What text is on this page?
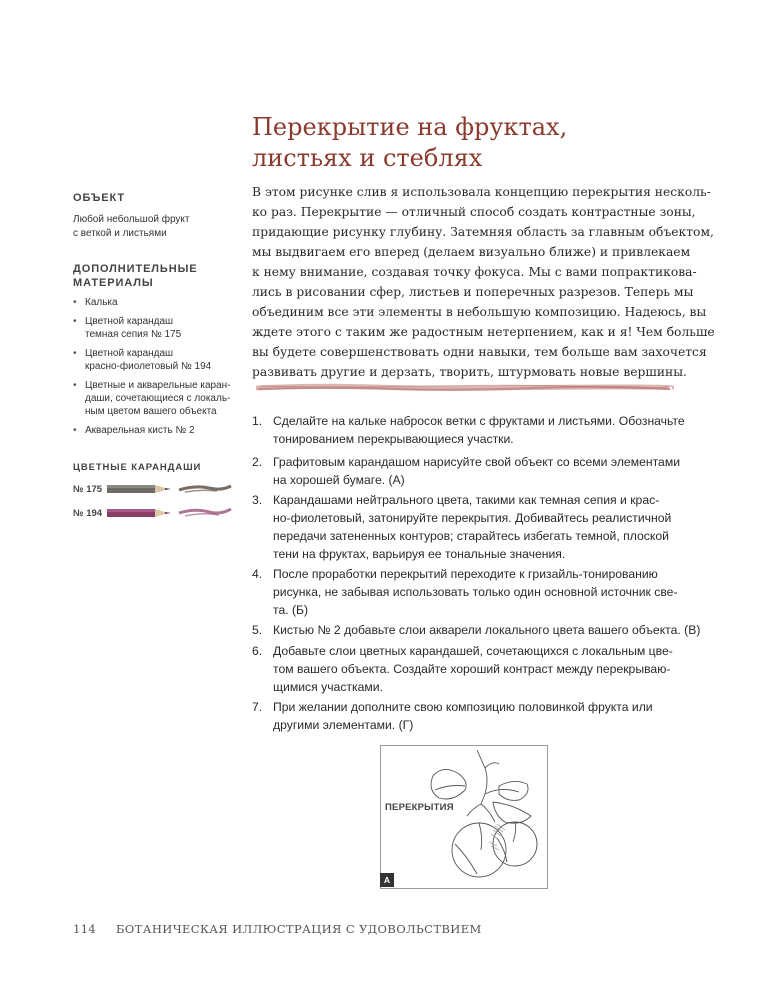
Перекрытие на фруктах,
листьях и стеблях
ОБЪЕКТ
Любой небольшой фрукт
с веткой и листьями
ДОПОЛНИТЕЛЬНЫЕ
МАТЕРИАЛЫ
• Калька
• Цветной карандаш
темная сепия № 175
• Цветной карандаш
красно-фиолетовый № 194
• Цветные и акварельные каран-
даши, сочетающиеся с локаль-
ным цветом вашего объекта
• Акварельная кисть № 2
ЦВЕТНЫЕ КАРАНДАШИ
№ 175
№ 194
В этом рисунке слив я использовала концепцию перекрытия несколь-
ко раз. Перекрытие — отличный способ создать контрастные зоны,
придающие рисунку глубину. Затемняя область за главным объектом,
мы выдвигаем его вперед (делаем визуально ближе) и привлекаем
к нему внимание, создавая точку фокуса. Мы с вами попрактикова-
лись в рисовании сфер, листьев и поперечных разрезов. Теперь мы
объединим все эти элементы в небольшую композицию. Надеюсь, вы
ждете этого с таким же радостным нетерпением, как и я! Чем больше
вы будете совершенствовать одни навыки, тем больше вам захочется
развивать другие и дерзать, творить, штурмовать новые вершины.
1. Сделайте на кальке набросок ветки с фруктами и листьями. Обозначьте
тонированием перекрывающиеся участки.
2. Графитовым карандашом нарисуйте свой объект со всеми элементами
на хорошей бумаге. (А)
3. Карандашами нейтрального цвета, такими как темная сепия и крас-
но-фиолетовый, затонируйте перекрытия. Добивайтесь реалистичной
передачи затененных контуров; старайтесь избегать темной, плоской
тени на фруктах, варьируя ее тональные значения.
4. После проработки перекрытий переходите к гризайль-тонированию
рисунка, не забывая использовать только один основной источник све-
та. (Б)
5. Кистью № 2 добавьте слои акварели локального цвета вашего объекта. (В)
6. Добавьте слои цветных карандашей, сочетающихся с локальным цве-
том вашего объекта. Создайте хороший контраст между перекрываю-
щимися участками.
7. При желании дополните свою композицию половинкой фрукта или
другими элементами. (Г)
ПЕРЕКРЫТИЯ
A
114 БОТАНИЧЕСКАЯ ИЛЛЮСТРАЦИЯ С УДОВОЛЬСТВИЕМ
